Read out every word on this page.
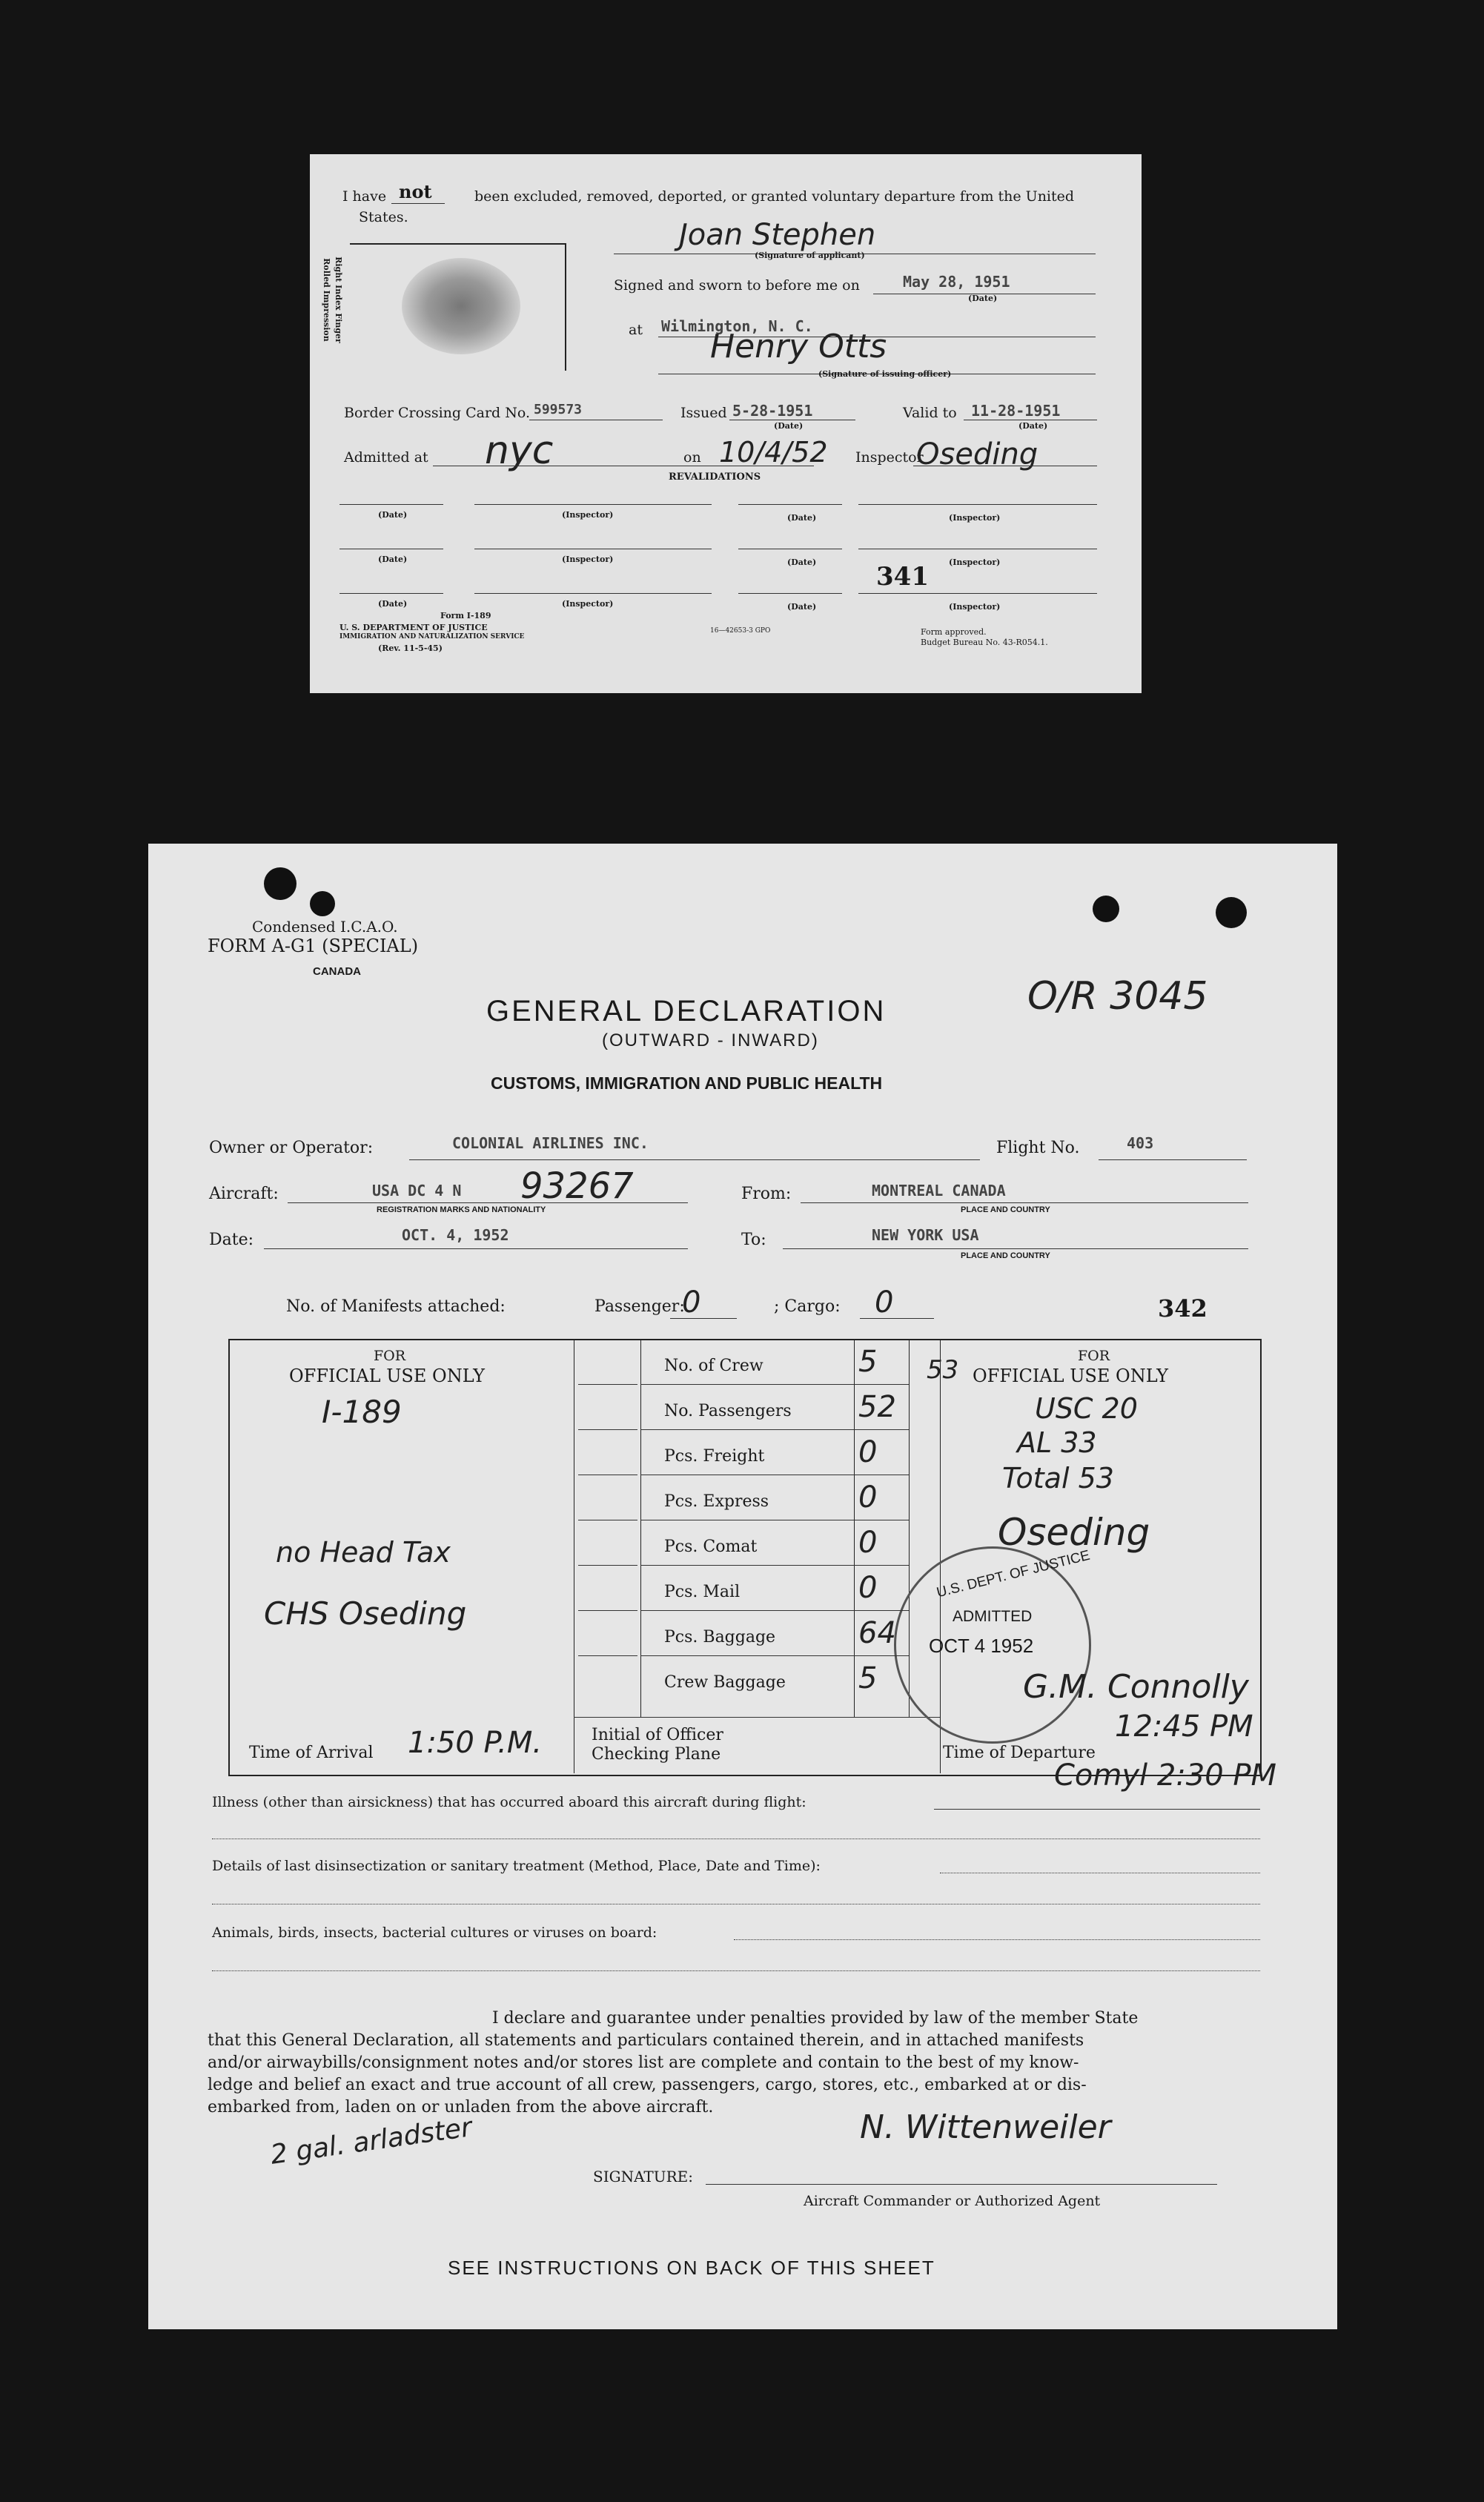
I have not	been excluded, removed, deported, or granted voluntary departure from the United
States.
Rolled Impression Right Index Finger
Joan Stephen
(Signature of applicant)
Signed and sworn to before me on	May 28, 1951
(Date)
at Wilmington, N. C.
Henry Otts
(Signature of issuing officer)
Border Crossing Card No. 599573	Issued 5-28-1951
(Date)
Valid to 11-28-1951
(Date)
Admitted at nyc	on 10/4/52 Inspector
Oseding
REVALIDATIONS
(Date)	(Inspector)	(Date)	(Inspector)
(Date)	(Inspector)	(Date)	(Inspector)
341
(Date)	(Inspector)	(Date)	(Inspector)
Form I-189
U. S. DEPARTMENT OF JUSTICE
IMMIGRATION AND NATURALIZATION SERVICE
(Rev. 11-5-45)
16—42653-3 GPO	Form approved.
Budget Bureau No. 43-R054.1.
Condensed I.C.A.O.
FORM A-G1 (SPECIAL)
CANADA
O/R 3045
GENERAL DECLARATION
(OUTWARD - INWARD)
CUSTOMS, IMMIGRATION AND PUBLIC HEALTH
Owner or Operator:	COLONIAL AIRLINES INC.	Flight No.	403
Aircraft:	USA DC 4 N 93267
REGISTRATION MARKS AND NATIONALITY
From:	MONTREAL CANADA
PLACE AND COUNTRY
Date:	OCT. 4, 1952	To:	NEW YORK USA
PLACE AND COUNTRY
No. of Manifests attached:	Passenger:
0	; Cargo: 0	342
FOR
OFFICIAL USE ONLY
I-189
no Head Tax
CHS Oseding
Time of Arrival 1:50 P.M.	Initial of Officer
Checking Plane
FOR
OFFICIAL USE ONLY
53
USC 20
AL 33
Total 53
Oseding
U.S. DEPT. OF JUSTICE
ADMITTED
OCT 4 1952
G.M. Connolly
Time of Departure
12:45 PM
Comyl 2:30 PM
Illness (other than airsickness) that has occurred aboard this aircraft during flight:
Details of last disinsectization or sanitary treatment (Method, Place, Date and Time):
Animals, birds, insects, bacterial cultures or viruses on board:
I declare and guarantee under penalties provided by law of the member State
that this General Declaration, all statements and particulars contained therein, and in attached manifests
and/or airwaybills/consignment notes and/or stores list are complete and contain to the best of my know-
ledge and belief an exact and true account of all crew, passengers, cargo, stores, etc., embarked at or dis-
embarked from, laden on or unladen from the above aircraft.
2 gal. arladster	N. Wittenweiler
SIGNATURE:
Aircraft Commander or Authorized Agent
SEE INSTRUCTIONS ON BACK OF THIS SHEET
No. of Crew	5
No. Passengers 52
Pcs. Freight	0
Pcs. Express	0
Pcs. Comat	0
Pcs. Mail	0
Pcs. Baggage	64
Crew Baggage 5
